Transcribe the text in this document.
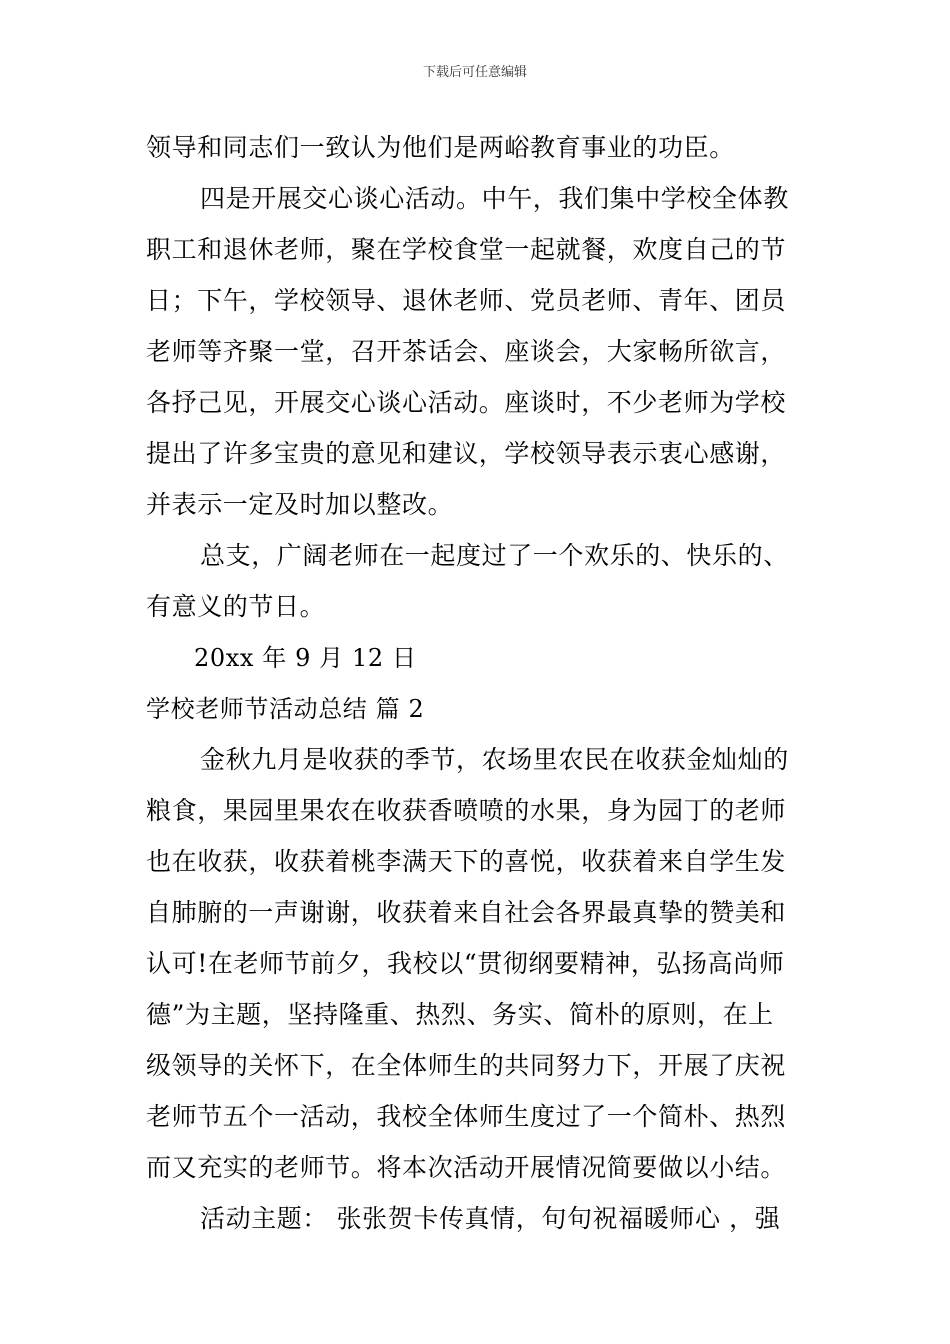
下载后可任意编辑
领导和同志们一致认为他们是两峪教育事业的功臣。
四是开展交心谈心活动。中午，我们集中学校全体教
职工和退休老师，聚在学校食堂一起就餐，欢度自己的节
日；下午，学校领导、退休老师、党员老师、青年、团员
老师等齐聚一堂，召开茶话会、座谈会，大家畅所欲言，
各抒己见，开展交心谈心活动。座谈时，不少老师为学校
提出了许多宝贵的意见和建议，学校领导表示衷心感谢，
并表示一定及时加以整改。
总支，广阔老师在一起度过了一个欢乐的、快乐的、
有意义的节日。
20xx 年 9 月 12 日
学校老师节活动总结 篇 2
金秋九月是收获的季节，农场里农民在收获金灿灿的
粮食，果园里果农在收获香喷喷的水果，身为园丁的老师
也在收获，收获着桃李满天下的喜悦，收获着来自学生发
自肺腑的一声谢谢，收获着来自社会各界最真挚的赞美和
认可!在老师节前夕，我校以“贯彻纲要精神，弘扬高尚师
德”为主题，坚持隆重、热烈、务实、简朴的原则，在上
级领导的关怀下，在全体师生的共同努力下，开展了庆祝
老师节五个一活动，我校全体师生度过了一个简朴、热烈
而又充实的老师节。将本次活动开展情况简要做以小结。
活动主题： 张张贺卡传真情，句句祝福暖师心 ，强
